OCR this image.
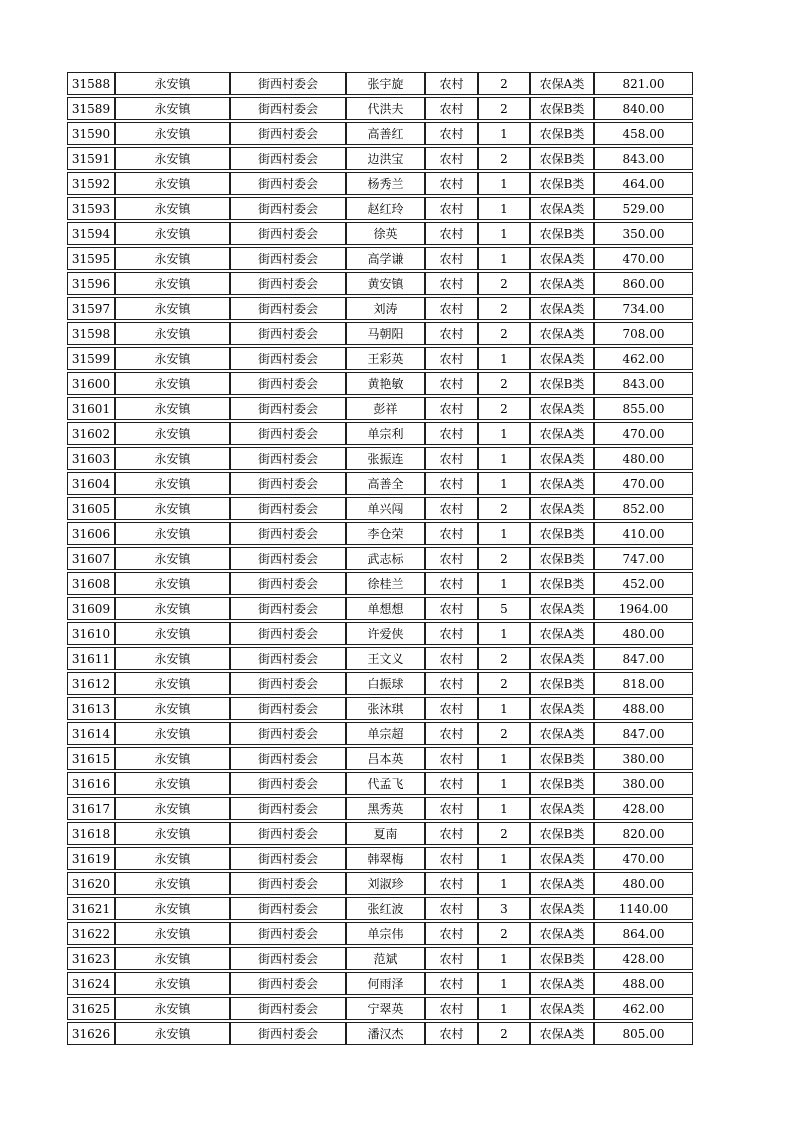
31588	永安镇	街西村委会	张宇旋	农村	2	农保A类	821.00
31589	永安镇	街西村委会	代洪夫	农村	2	农保B类	840.00
31590	永安镇	街西村委会	高善红	农村	1	农保B类	458.00
31591	永安镇	街西村委会	边洪宝	农村	2	农保B类	843.00
31592	永安镇	街西村委会	杨秀兰	农村	1	农保B类	464.00
31593	永安镇	街西村委会	赵红玲	农村	1	农保A类	529.00
31594	永安镇	街西村委会	徐英	农村	1	农保B类	350.00
31595	永安镇	街西村委会	高学谦	农村	1	农保A类	470.00
31596	永安镇	街西村委会	黄安镇	农村	2	农保A类	860.00
31597	永安镇	街西村委会	刘涛	农村	2	农保A类	734.00
31598	永安镇	街西村委会	马朝阳	农村	2	农保A类	708.00
31599	永安镇	街西村委会	王彩英	农村	1	农保A类	462.00
31600	永安镇	街西村委会	黄艳敏	农村	2	农保B类	843.00
31601	永安镇	街西村委会	彭祥	农村	2	农保A类	855.00
31602	永安镇	街西村委会	单宗利	农村	1	农保A类	470.00
31603	永安镇	街西村委会	张振连	农村	1	农保A类	480.00
31604	永安镇	街西村委会	高善全	农村	1	农保A类	470.00
31605	永安镇	街西村委会	单兴闯	农村	2	农保A类	852.00
31606	永安镇	街西村委会	李仓荣	农村	1	农保B类	410.00
31607	永安镇	街西村委会	武志标	农村	2	农保B类	747.00
31608	永安镇	街西村委会	徐桂兰	农村	1	农保B类	452.00
31609	永安镇	街西村委会	单想想	农村	5	农保A类	1964.00
31610	永安镇	街西村委会	许爱侠	农村	1	农保A类	480.00
31611	永安镇	街西村委会	王文义	农村	2	农保A类	847.00
31612	永安镇	街西村委会	白振球	农村	2	农保B类	818.00
31613	永安镇	街西村委会	张沐琪	农村	1	农保A类	488.00
31614	永安镇	街西村委会	单宗超	农村	2	农保A类	847.00
31615	永安镇	街西村委会	吕本英	农村	1	农保B类	380.00
31616	永安镇	街西村委会	代孟飞	农村	1	农保B类	380.00
31617	永安镇	街西村委会	黑秀英	农村	1	农保A类	428.00
31618	永安镇	街西村委会	夏南	农村	2	农保B类	820.00
31619	永安镇	街西村委会	韩翠梅	农村	1	农保A类	470.00
31620	永安镇	街西村委会	刘淑珍	农村	1	农保A类	480.00
31621	永安镇	街西村委会	张红波	农村	3	农保A类	1140.00
31622	永安镇	街西村委会	单宗伟	农村	2	农保A类	864.00
31623	永安镇	街西村委会	范斌	农村	1	农保B类	428.00
31624	永安镇	街西村委会	何雨泽	农村	1	农保A类	488.00
31625	永安镇	街西村委会	宁翠英	农村	1	农保A类	462.00
31626	永安镇	街西村委会	潘汉杰	农村	2	农保A类	805.00
